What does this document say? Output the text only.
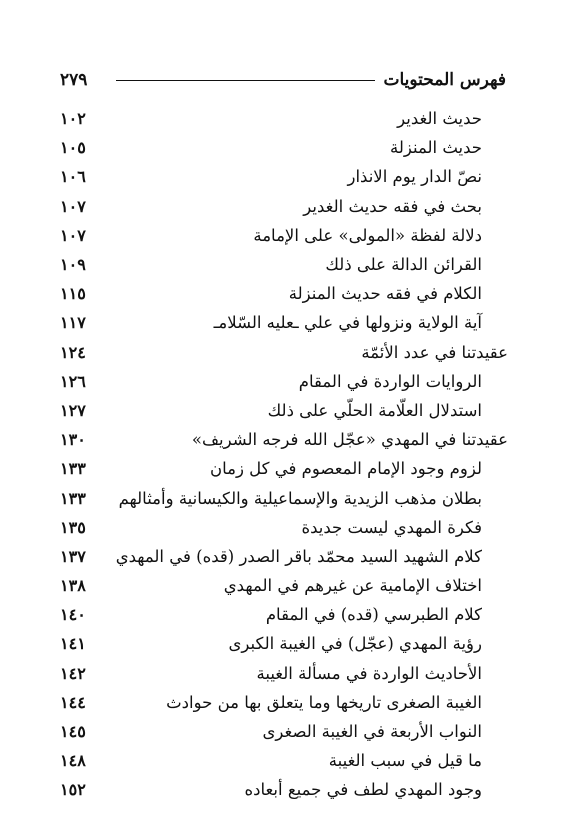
٢٧٩	فهرس المحتويات
١٠٢	حديث الغدير
١٠٥	حديث المنزلة
١٠٦	نصّ الدار يوم الانذار
١٠٧	بحث في فقه حديث الغدير
١٠٧	دلالة لفظة «المولى» على الإمامة
١٠٩	القرائن الدالة على ذلك
١١٥	الكلام في فقه حديث المنزلة
١١٧	آية الولاية ونزولها في علي ـعليه السّلامـ
١٢٤	عقيدتنا في عدد الأئمّة
١٢٦	الروايات الواردة في المقام
١٢٧	استدلال العلّامة الحلّي على ذلك
١٣٠	عقيدتنا في المهدي «عجّل الله فرجه الشريف»
١٣٣	لزوم وجود الإمام المعصوم في كل زمان
١٣٣	بطلان مذهب الزيدية والإسماعيلية والكيسانية وأمثالهم
١٣٥	فكرة المهدي ليست جديدة
١٣٧	كلام الشهيد السيد محمّد باقر الصدر (قده) في المهدي
١٣٨	اختلاف الإمامية عن غيرهم في المهدي
١٤٠	كلام الطبرسي (قده) في المقام
١٤١	رؤية المهدي (عجّل) في الغيبة الكبرى
١٤٢	الأحاديث الواردة في مسألة الغيبة
١٤٤	الغيبة الصغرى تاريخها وما يتعلق بها من حوادث
١٤٥	النواب الأربعة في الغيبة الصغرى
١٤٨	ما قيل في سبب الغيبة
١٥٢	وجود المهدي لطف في جميع أبعاده
